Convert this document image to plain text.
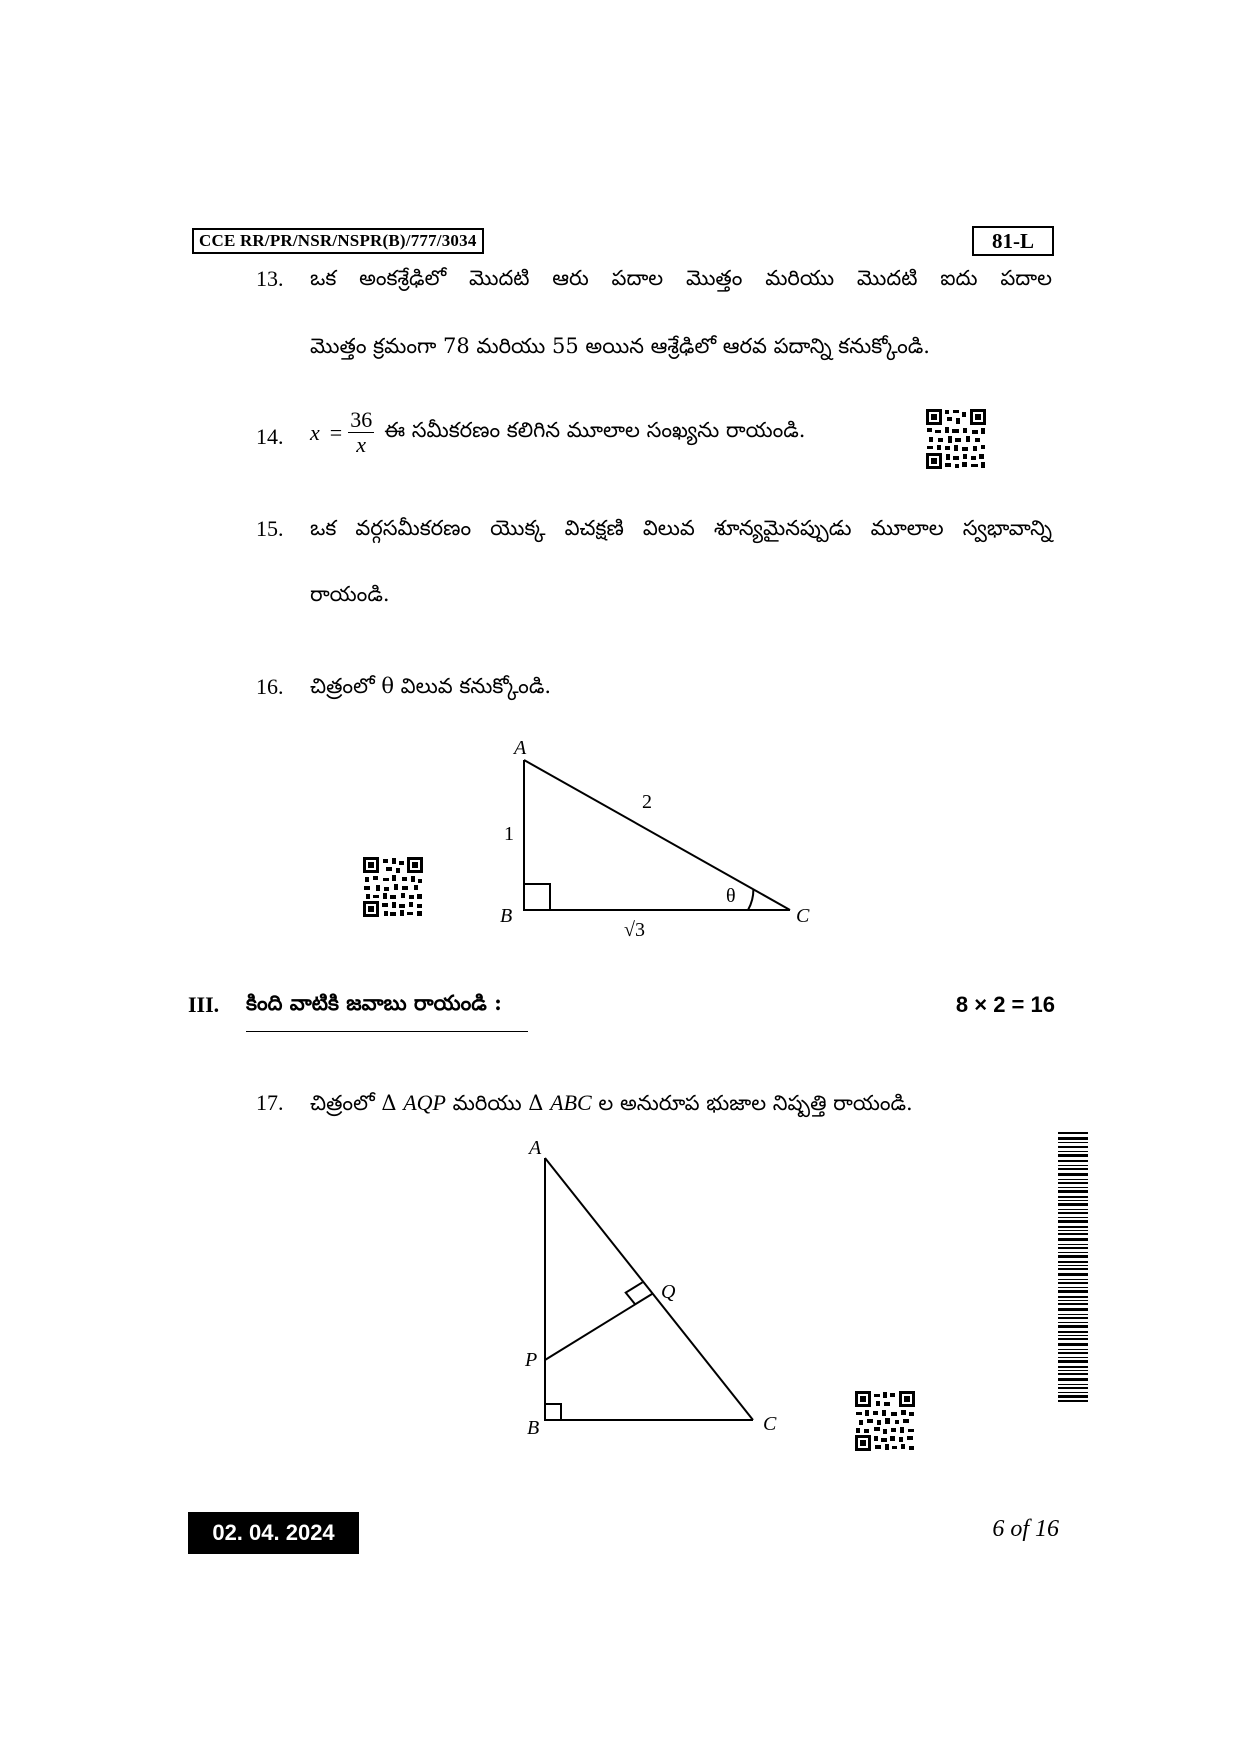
CCE RR/PR/NSR/NSPR(B)/777/3034	81-L
13. ఒక అంకశ్రేఢిలో మొదటి ఆరు పదాల మొత్తం మరియు మొదటి ఐదు పదాల
మొత్తం క్రమంగా 78 మరియు 55 అయిన ఆశ్రేఢిలో ఆరవ పదాన్ని కనుక్కోండి.
14. $x = \frac{36}{x}$ ఈ సమీకరణం కలిగిన మూలాల సంఖ్యను రాయండి.
15. ఒక వర్గసమీకరణం యొక్క విచక్షణి విలువ శూన్యమైనప్పుడు మూలాల స్వభావాన్ని
రాయండి.
16. చిత్రంలో θ విలువ కనుక్కోండి.
A
B	C
1
2
√3
θ
III. కింది వాటికి జవాబు రాయండి :	8 × 2 = 16
17. చిత్రంలో Δ AQP మరియు Δ ABC ల అనురూప భుజాల నిష్పత్తి రాయండి.
A
B	C
P
Q
02. 04. 2024	6 of 16
